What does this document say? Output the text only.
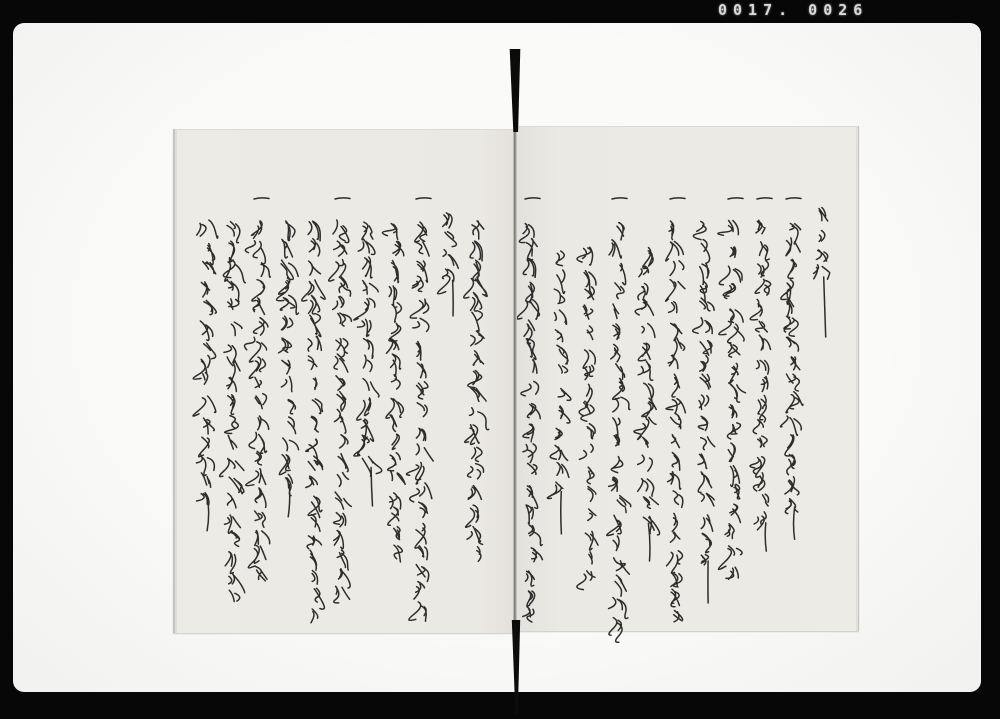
0017. 0026
